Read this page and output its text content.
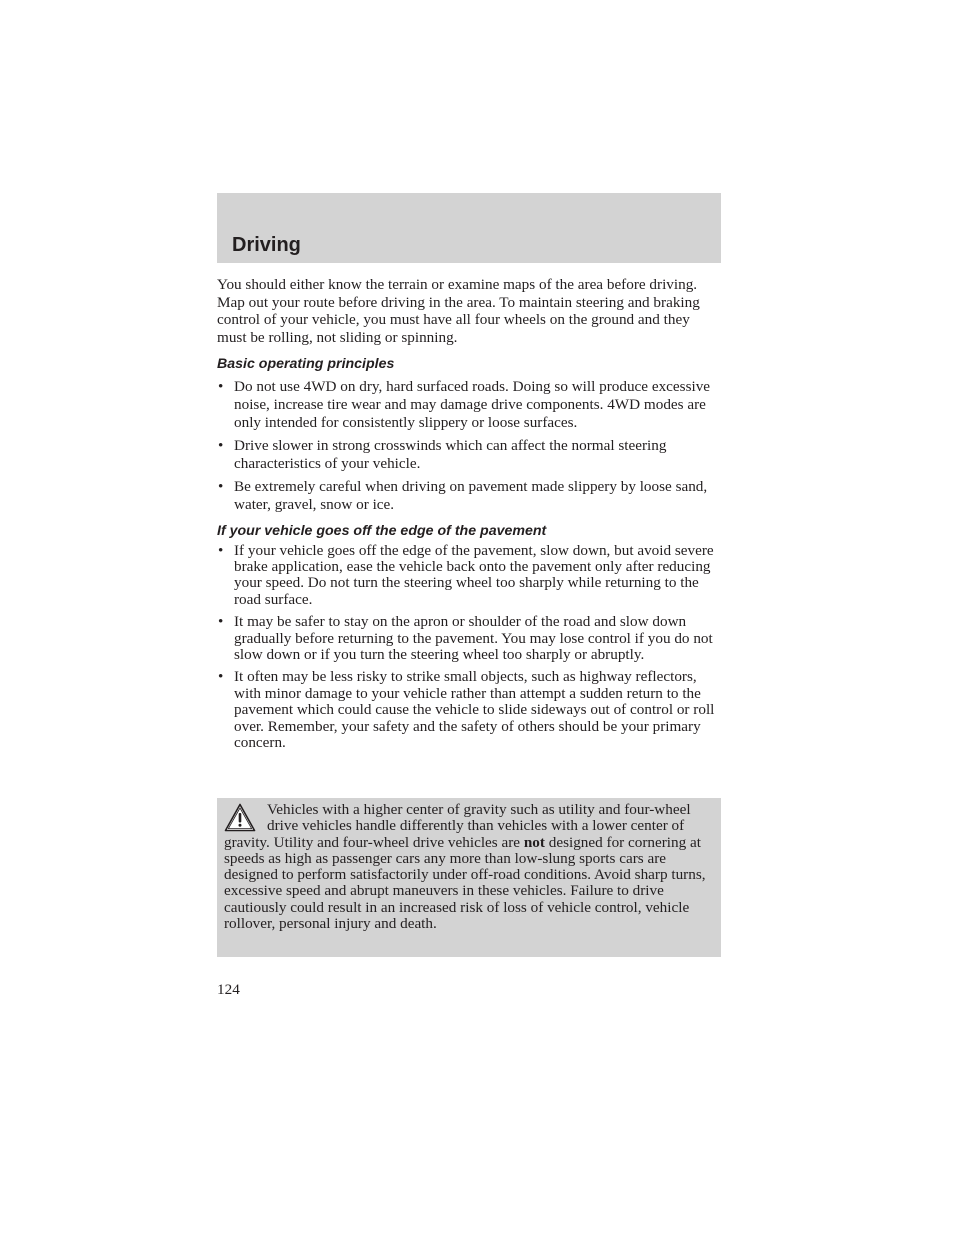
Driving

You should either know the terrain or examine maps of the area before driving. Map out your route before driving in the area. To maintain steering and braking control of your vehicle, you must have all four wheels on the ground and they must be rolling, not sliding or spinning.

Basic operating principles
• Do not use 4WD on dry, hard surfaced roads. Doing so will produce excessive noise, increase tire wear and may damage drive components. 4WD modes are only intended for consistently slippery or loose surfaces.
• Drive slower in strong crosswinds which can affect the normal steering characteristics of your vehicle.
• Be extremely careful when driving on pavement made slippery by loose sand, water, gravel, snow or ice.
If your vehicle goes off the edge of the pavement
• If your vehicle goes off the edge of the pavement, slow down, but avoid severe brake application, ease the vehicle back onto the pavement only after reducing your speed. Do not turn the steering wheel too sharply while returning to the road surface.
• It may be safer to stay on the apron or shoulder of the road and slow down gradually before returning to the pavement. You may lose control if you do not slow down or if you turn the steering wheel too sharply or abruptly.
• It often may be less risky to strike small objects, such as highway reflectors, with minor damage to your vehicle rather than attempt a sudden return to the pavement which could cause the vehicle to slide sideways out of control or roll over. Remember, your safety and the safety of others should be your primary concern.

Vehicles with a higher center of gravity such as utility and four-wheel drive vehicles handle differently than vehicles with a lower center of gravity. Utility and four-wheel drive vehicles are not designed for cornering at speeds as high as passenger cars any more than low-slung sports cars are designed to perform satisfactorily under off-road conditions. Avoid sharp turns, excessive speed and abrupt maneuvers in these vehicles. Failure to drive cautiously could result in an increased risk of loss of vehicle control, vehicle rollover, personal injury and death.

124
